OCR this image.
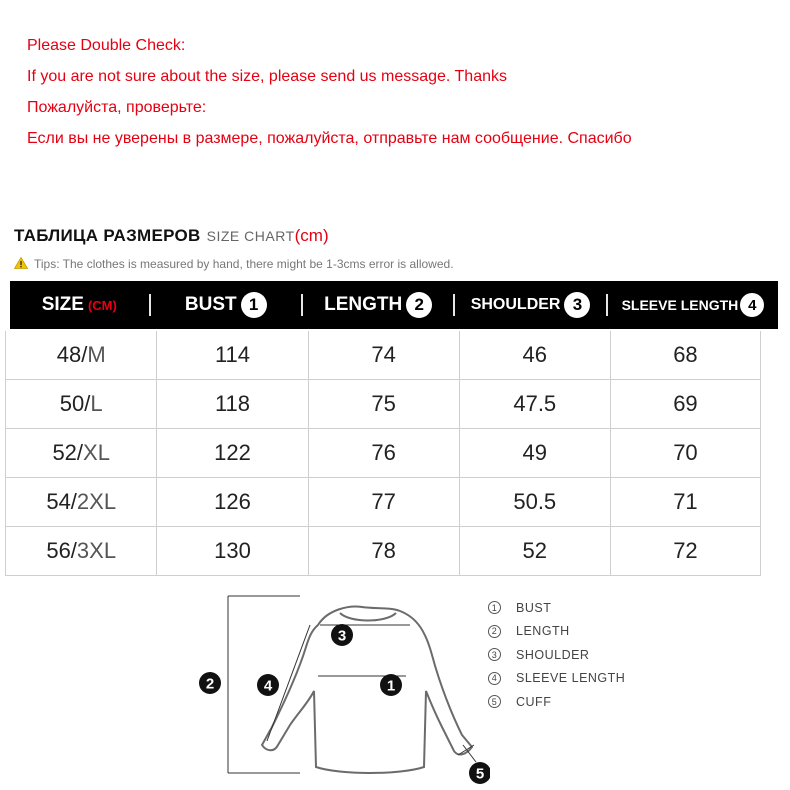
Please Double Check:
If you are not sure about the size, please send us message. Thanks
Пожалуйста, проверьте:
Если вы не уверены в размере, пожалуйста, отправьте нам сообщение. Спасибо
ТАБЛИЦА РАЗМЕРОВ SIZE CHART(cm)
Tips: The clothes is measured by hand, there might be 1-3cms error is allowed.
SIZE (CM)	BUST 1	LENGTH 2	SHOULDER 3	SLEEVE LENGTH 4
48/M	114	74	46	68
50/L	118	75	47.5	69
52/XL	122	76	49	70
54/2XL	126	77	50.5	71
56/3XL	130	78	52	72
3
1
2	4
5
1	BUST
2	LENGTH
3	SHOULDER
4	SLEEVE LENGTH
5	CUFF
